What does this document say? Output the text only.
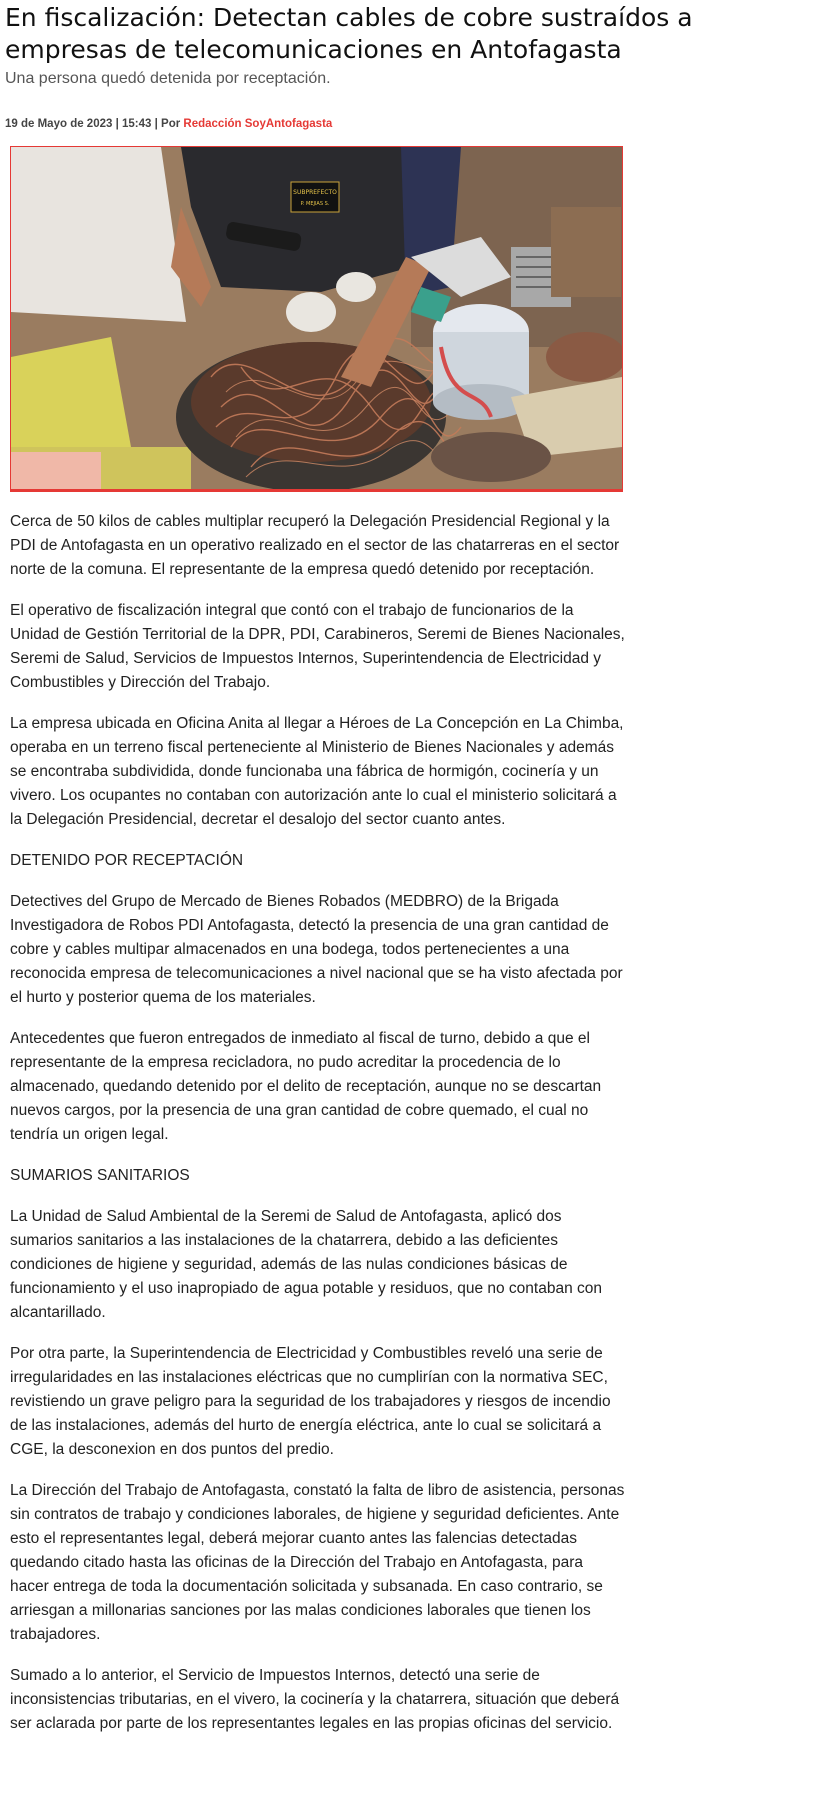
En fiscalización: Detectan cables de cobre sustraídos a empresas de telecomunicaciones en Antofagasta

Una persona quedó detenida por receptación.

19 de Mayo de 2023 | 15:43 | Por Redacción SoyAntofagasta

SUBPREFECTO
P. MEJIAS S.

Cerca de 50 kilos de cables multiplar recuperó la Delegación Presidencial Regional y la PDI de Antofagasta en un operativo realizado en el sector de las chatarreras en el sector norte de la comuna. El representante de la empresa quedó detenido por receptación.

El operativo de fiscalización integral que contó con el trabajo de funcionarios de la Unidad de Gestión Territorial de la DPR, PDI, Carabineros, Seremi de Bienes Nacionales, Seremi de Salud, Servicios de Impuestos Internos, Superintendencia de Electricidad y Combustibles y Dirección del Trabajo.

La empresa ubicada en Oficina Anita al llegar a Héroes de La Concepción en La Chimba, operaba en un terreno fiscal perteneciente al Ministerio de Bienes Nacionales y además se encontraba subdividida, donde funcionaba una fábrica de hormigón, cocinería y un vivero. Los ocupantes no contaban con autorización ante lo cual el ministerio solicitará a la Delegación Presidencial, decretar el desalojo del sector cuanto antes.

DETENIDO POR RECEPTACIÓN

Detectives del Grupo de Mercado de Bienes Robados (MEDBRO) de la Brigada Investigadora de Robos PDI Antofagasta, detectó la presencia de una gran cantidad de cobre y cables multipar almacenados en una bodega, todos pertenecientes a una reconocida empresa de telecomunicaciones a nivel nacional que se ha visto afectada por el hurto y posterior quema de los materiales.

Antecedentes que fueron entregados de inmediato al fiscal de turno, debido a que el representante de la empresa recicladora, no pudo acreditar la procedencia de lo almacenado, quedando detenido por el delito de receptación, aunque no se descartan nuevos cargos, por la presencia de una gran cantidad de cobre quemado, el cual no tendría un origen legal.

SUMARIOS SANITARIOS

La Unidad de Salud Ambiental de la Seremi de Salud de Antofagasta, aplicó dos sumarios sanitarios a las instalaciones de la chatarrera, debido a las deficientes condiciones de higiene y seguridad, además de las nulas condiciones básicas de funcionamiento y el uso inapropiado de agua potable y residuos, que no contaban con alcantarillado.

Por otra parte, la Superintendencia de Electricidad y Combustibles reveló una serie de irregularidades en las instalaciones eléctricas que no cumplirían con la normativa SEC, revistiendo un grave peligro para la seguridad de los trabajadores y riesgos de incendio de las instalaciones, además del hurto de energía eléctrica, ante lo cual se solicitará a CGE, la desconexion en dos puntos del predio.

La Dirección del Trabajo de Antofagasta, constató la falta de libro de asistencia, personas sin contratos de trabajo y condiciones laborales, de higiene y seguridad deficientes. Ante esto el representantes legal, deberá mejorar cuanto antes las falencias detectadas quedando citado hasta las oficinas de la Dirección del Trabajo en Antofagasta, para hacer entrega de toda la documentación solicitada y subsanada. En caso contrario, se arriesgan a millonarias sanciones por las malas condiciones laborales que tienen los trabajadores.

Sumado a lo anterior, el Servicio de Impuestos Internos, detectó una serie de inconsistencias tributarias, en el vivero, la cocinería y la chatarrera, situación que deberá ser aclarada por parte de los representantes legales en las propias oficinas del servicio.
